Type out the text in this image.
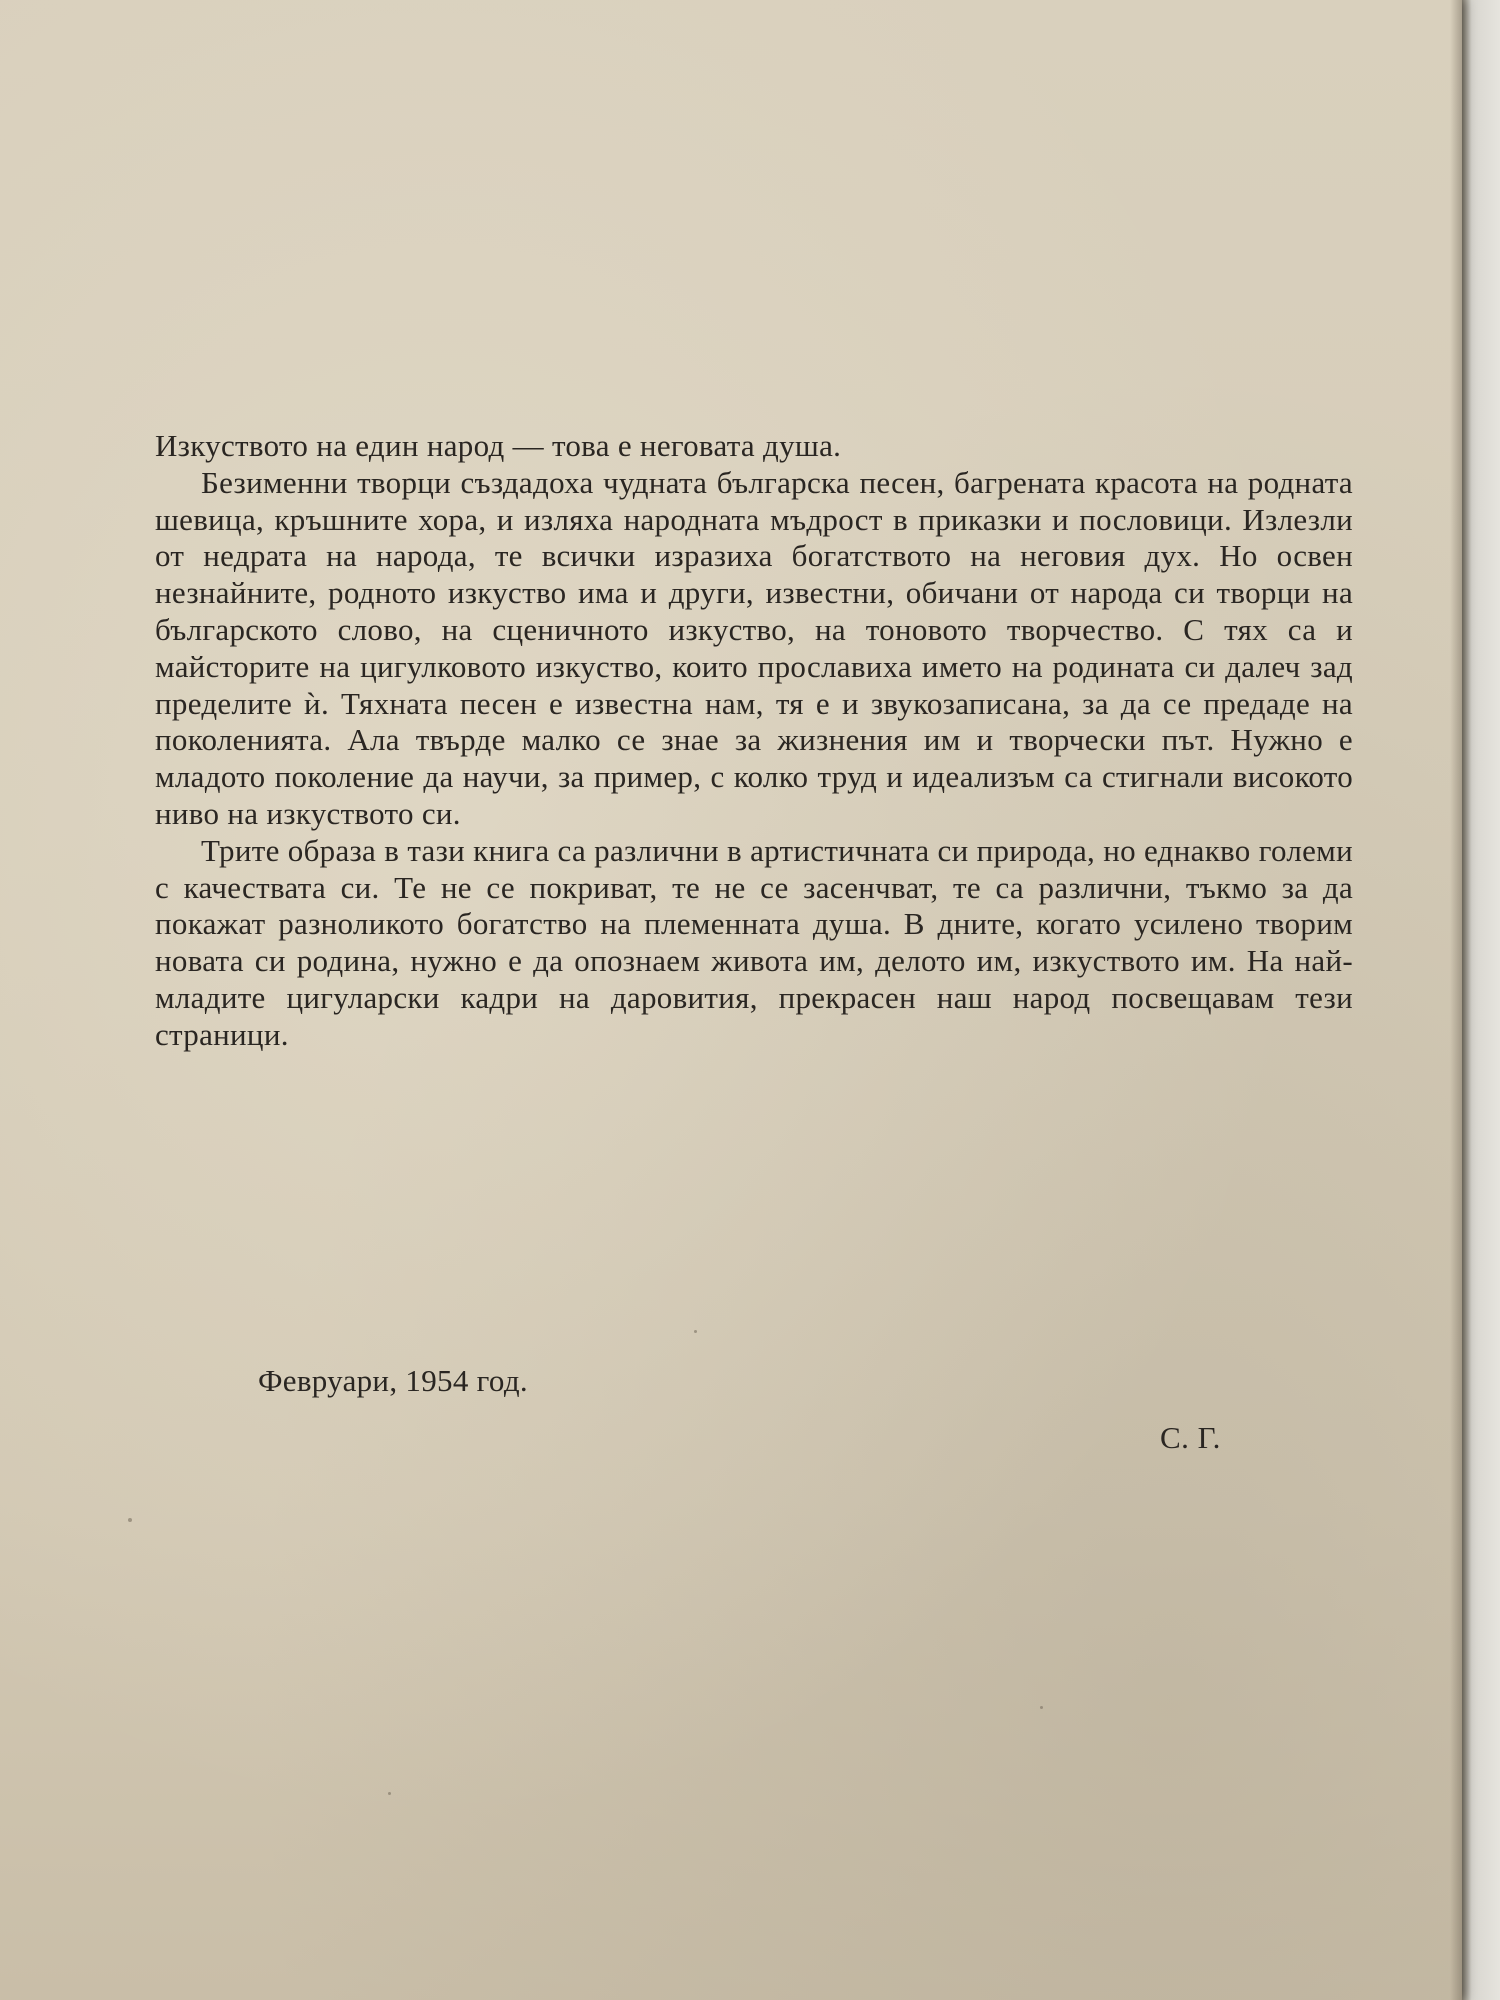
Изкуството на един народ — това е неговата душа.

Безименни творци създадоха чудната българска песен, багрената красота на родната шевица, кръшните хора, и изляха народната мъдрост в приказки и пословици. Излезли от недрата на народа, те всички изразиха богатството на неговия дух. Но освен незнайните, родното изкуство има и други, известни, обичани от народа си творци на българското слово, на сценичното изкуство, на тоновото творчество. С тях са и майсторите на цигулковото изкуство, които прославиха името на родината си далеч зад пределите ѝ. Тяхната песен е известна нам, тя е и звукозаписана, за да се предаде на поколенията. Ала твърде малко се знае за жизнения им и творчески път. Нужно е младото поколение да научи, за пример, с колко труд и идеализъм са стигнали високото ниво на изкуството си.

Трите образа в тази книга са различни в артистичната си природа, но еднакво големи с качествата си. Те не се покриват, те не се засенчват, те са различни, тъкмо за да покажат разноликото богатство на племенната душа. В дните, когато усилено творим новата си родина, нужно е да опознаем живота им, делото им, изкуството им. На най-младите цигуларски кадри на даровития, прекрасен наш народ посвещавам тези страници.

Февруари, 1954 год.
С. Г.
